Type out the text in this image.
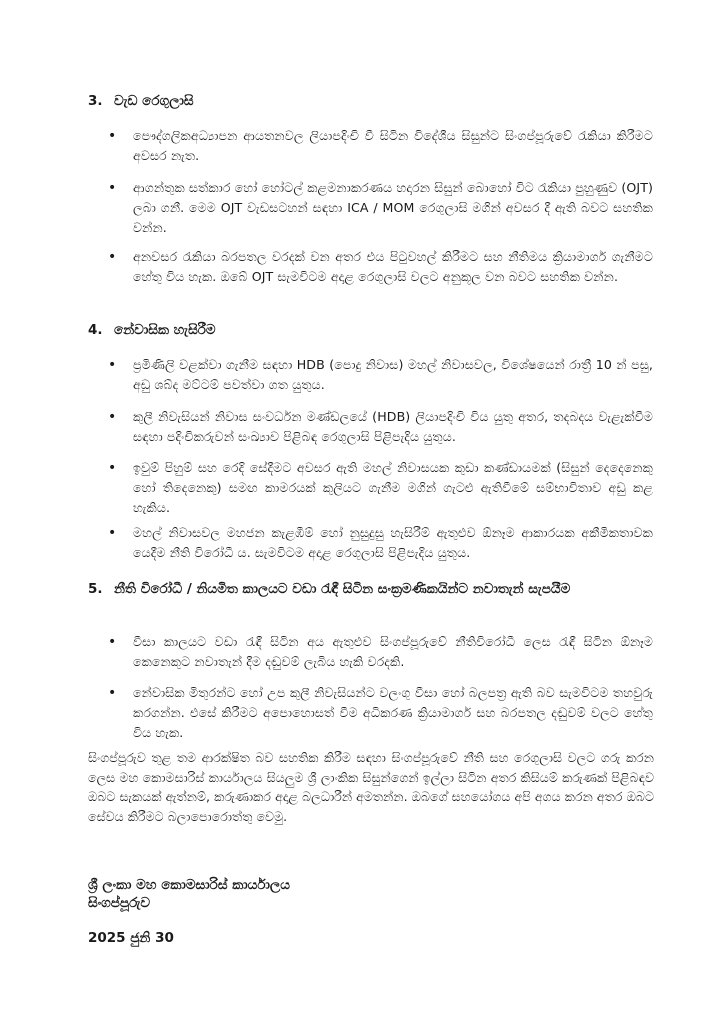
3. වැඩ රෙගුලාසි
•	පෞද්ගලිකඅධ්‍යාපන ආයතනවල ලියාපදිංචි වී සිටින විදේශීය සිසුන්ට සිංගප්පූරුවේ රැකියා කිරීමට අවසර නැත.
•	ආගන්තුක සත්කාර හෝ හෝටල් කළමනාකරණය හදාරන සිසුන් බොහෝ විට රැකියා පුහුණුව (OJT) ලබා ගනී. මෙම OJT වැඩසටහන් සඳහා ICA / MOM රෙගුලාසි මගින් අවසර දී ඇති බවට සහතික වන්න.
•	අනවසර රැකියා බරපතල වරදක් වන අතර එය පිටුවහල් කිරීමට සහ නීතිමය ක්‍රියාමාර්ග ගැනීමට හේතු විය හැක. ඔබේ OJT සැමවිටම අදාළ රෙගුලාසි වලට අනුකූල වන බවට සහතික වන්න.
4. නේවාසික හැසිරීම
•	ප්‍රමිණිලි වළක්වා ගැනීම සඳහා HDB (පොදු නිවාස) මහල් නිවාසවල, විශේෂයෙන් රාත්‍රී 10 න් පසු, අඩු ශබ්ද මට්ටම් පවත්වා ගත යුතුය.
•	කුලී නිවැසියන් නිවාස සංවර්ධන මණ්ඩලයේ (HDB) ලියාපදිංචි විය යුතු අතර, තදබදය වැළැක්වීම සඳහා පදිංචිකරුවන් සංඛ්‍යාව පිළිබඳ රෙගුලාසි පිළිපැදිය යුතුය.
•	ඉවුම් පිහුම් සහ රෙදි සේදීමට අවසර ඇති මහල් නිවාසයක කුඩා කණ්ඩායමක් (සිසුන් දෙදෙනෙකු හෝ තිදෙනෙකු) සමඟ කාමරයක් කුලියට ගැනීම මගින් ගැටළු ඇතිවීමේ සම්භාවිතාව අඩු කළ හැකිය.
•	මහල් නිවාසවල මහජන කැළඹීම් හෝ නුසුදුසු හැසිරීම් ඇතුළුව ඕනෑම ආකාරයක අකීමිකතාවක යෙදීම නීති විරෝධී ය. සැමවිටම අදාළ රෙගුලාසි පිළිපැදිය යුතුය.
5. නීති විරෝධී / නියමිත කාලයට වඩා රැඳී සිටින සංක්‍රමණිකයින්ට නවාතැන් සැපයීම
•	වීසා කාලයට වඩා රැඳී සිටින අය ඇතුළුව සිංගප්පූරුවේ නීතිවිරෝධී ලෙස රැඳී සිටින ඕනෑම කෙනෙකුට නවාතැන් දීම දඬුවම් ලැබිය හැකි වරදකි.
•	නේවාසික මිතුරන්ට හෝ උප කුලී නිවැසියන්ට වලංගු වීසා හෝ බලපත්‍ර ඇති බව සැමවිටම තහවුරු කරගන්න. එසේ කිරීමට අපොහොසත් වීම අධිකරණ ක්‍රියාමාර්ග සහ බරපතල දඬුවම් වලට හේතු විය හැක.
සිංගප්පූරුව තුළ තම ආරක්ෂිත බව සහතික කිරීම සඳහා සිංගප්පූරුවේ නීති සහ රෙගුලාසි වලට ගරු කරන ලෙස මහ කොමසාරිස් කාර්යාලය සියලුම ශ්‍රී ලාංකික සිසුන්ගෙන් ඉල්ලා සිටින අතර කිසියම් කරුණක් පිළිබඳව ඔබට සැකයක් ඇත්නම්, කරුණාකර අදාළ බලධාරීන් අමතන්න. ඔබගේ සහයෝගය අපි අගය කරන අතර ඔබට සේවය කිරීමට බලාපොරොත්තු වෙමු.
ශ්‍රී ලංකා මහ කොමසාරිස් කාර්යාලය
සිංගප්පූරුව
2025 ජුනි 30
